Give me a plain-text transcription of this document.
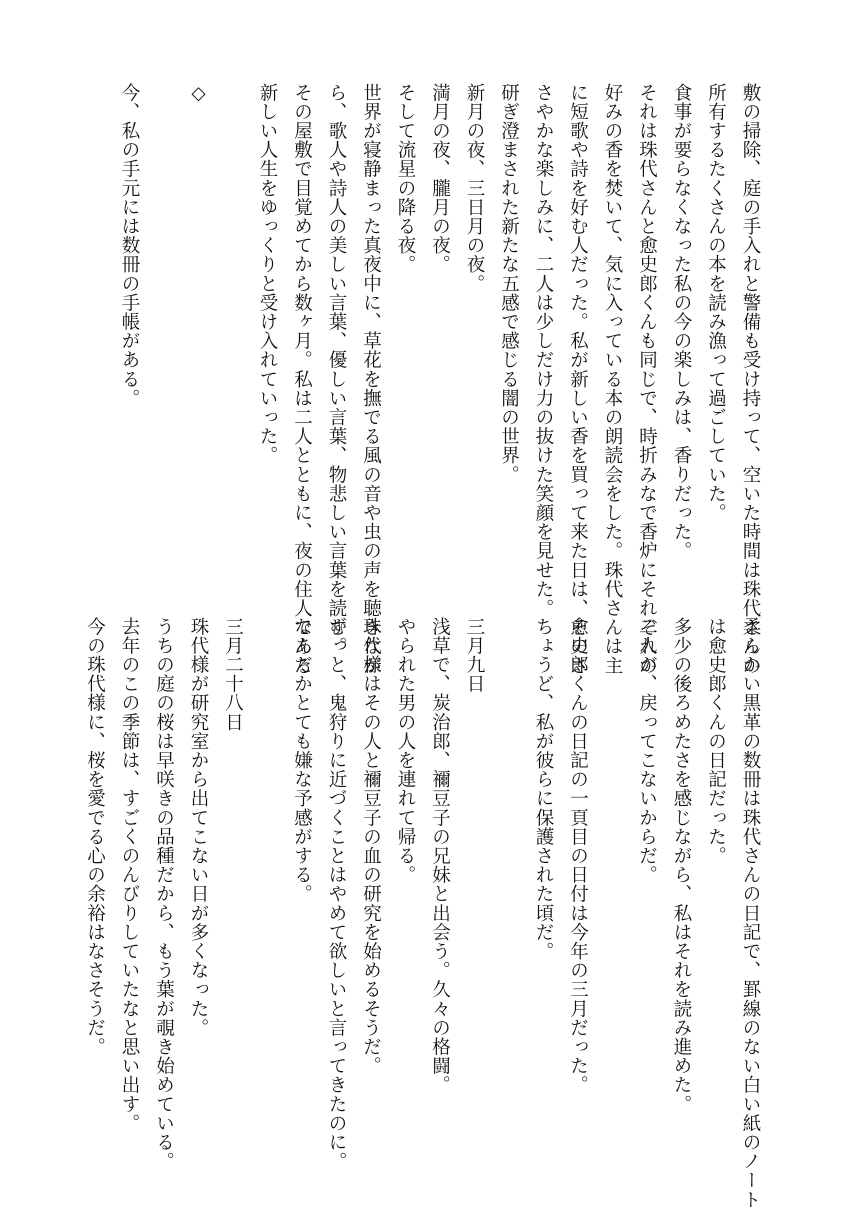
敷の掃除、庭の手入れと警備も受け持って、空いた時間は珠代さんの

所有するたくさんの本を読み漁って過ごしていた。

食事が要らなくなった私の今の楽しみは、香りだった。

それは珠代さんと愈史郎くんも同じで、時折みなで香炉にそれぞれの

好みの香を焚いて、気に入っている本の朗読会をした。珠代さんは主

に短歌や詩を好む人だった。私が新しい香を買って来た日は、そのさ

さやかな楽しみに、二人は少しだけ力の抜けた笑顔を見せた。

研ぎ澄まされた新たな五感で感じる闇の世界。

新月の夜、三日月の夜。

満月の夜、朧月の夜。

そして流星の降る夜。

世界が寝静まった真夜中に、草花を撫でる風の音や虫の声を聴きなが

ら、歌人や詩人の美しい言葉、優しい言葉、物悲しい言葉を読む。

その屋敷で目覚めてから数ヶ月。私は二人とともに、夜の住人である

新しい人生をゆっくりと受け入れていった。

◇

今、私の手元には数冊の手帳がある。

柔らかい黒革の数冊は珠代さんの日記で、罫線のない白い紙のノート

は愈史郎くんの日記だった。

多少の後ろめたさを感じながら、私はそれを読み進めた。

二人が、戻ってこないからだ。

愈史郎くんの日記の一頁目の日付は今年の三月だった。

ちょうど、私が彼らに保護された頃だ。

三月九日

浅草で、炭治郎、禰豆子の兄妹と出会う。久々の格闘。

やられた男の人を連れて帰る。

珠代様はその人と禰豆子の血の研究を始めるそうだ。

ずっと、鬼狩りに近づくことはやめて欲しいと言ってきたのに。

なんだかとても嫌な予感がする。

三月二十八日

珠代様が研究室から出てこない日が多くなった。

うちの庭の桜は早咲きの品種だから、もう葉が覗き始めている。

去年のこの季節は、すごくのんびりしていたなと思い出す。

今の珠代様に、桜を愛でる心の余裕はなさそうだ。
